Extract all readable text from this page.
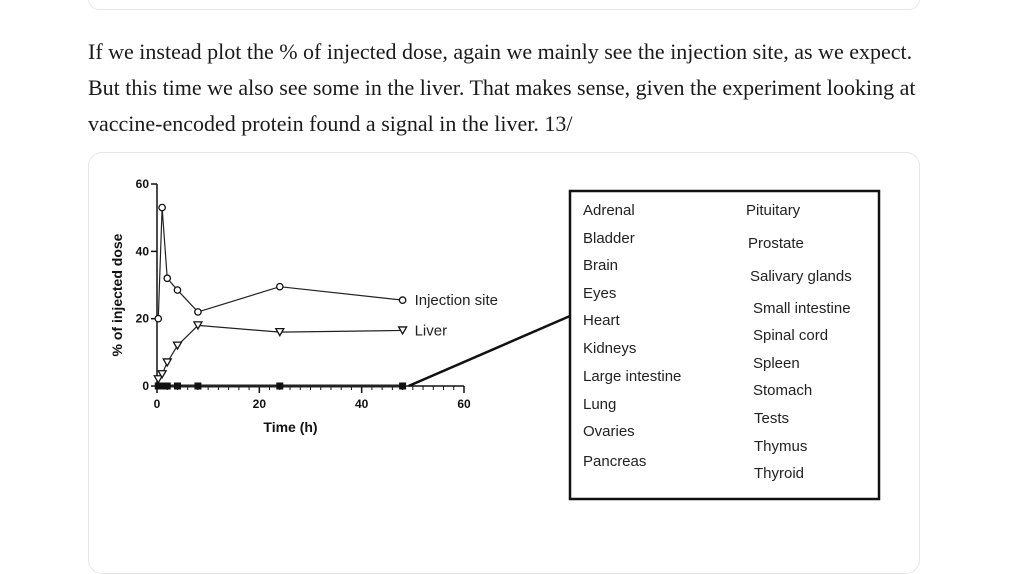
If we instead plot the % of injected dose, again we mainly see the injection site, as we expect. But this time we also see some in the liver. That makes sense, given the experiment looking at vaccine-encoded protein found a signal in the liver. 13/

0
20
40
60
0	20	40	60
Time (h)
% of injected dose	Injection site
Liver
Adrenal
Bladder
Brain
Eyes
Heart
Kidneys
Large intestine
Lung
Ovaries
Pancreas
Pituitary
Prostate
Salivary glands
Small intestine
Spinal cord
Spleen
Stomach
Tests
Thymus
Thyroid
